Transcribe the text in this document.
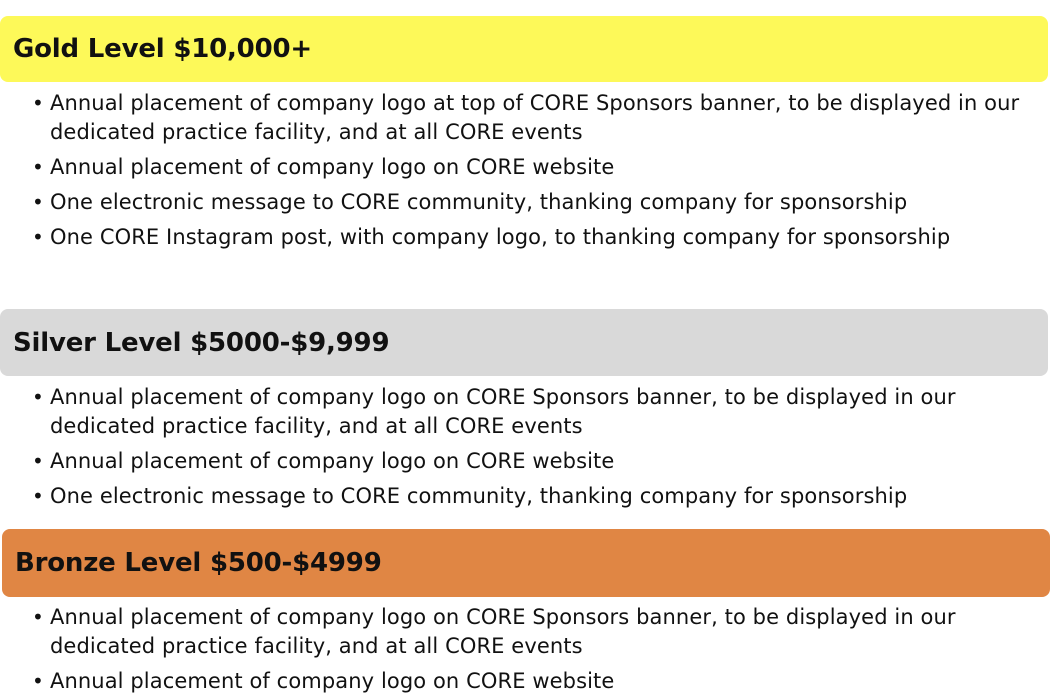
Gold Level $10,000+
• Annual placement of company logo at top of CORE Sponsors banner, to be displayed in our dedicated practice facility, and at all CORE events
• Annual placement of company logo on CORE website
• One electronic message to CORE community, thanking company for sponsorship
• One CORE Instagram post, with company logo, to thanking company for sponsorship
Silver Level $5000-$9,999
• Annual placement of company logo on CORE Sponsors banner, to be displayed in our dedicated practice facility, and at all CORE events
• Annual placement of company logo on CORE website
• One electronic message to CORE community, thanking company for sponsorship
Bronze Level $500-$4999
• Annual placement of company logo on CORE Sponsors banner, to be displayed in our dedicated practice facility, and at all CORE events
• Annual placement of company logo on CORE website
